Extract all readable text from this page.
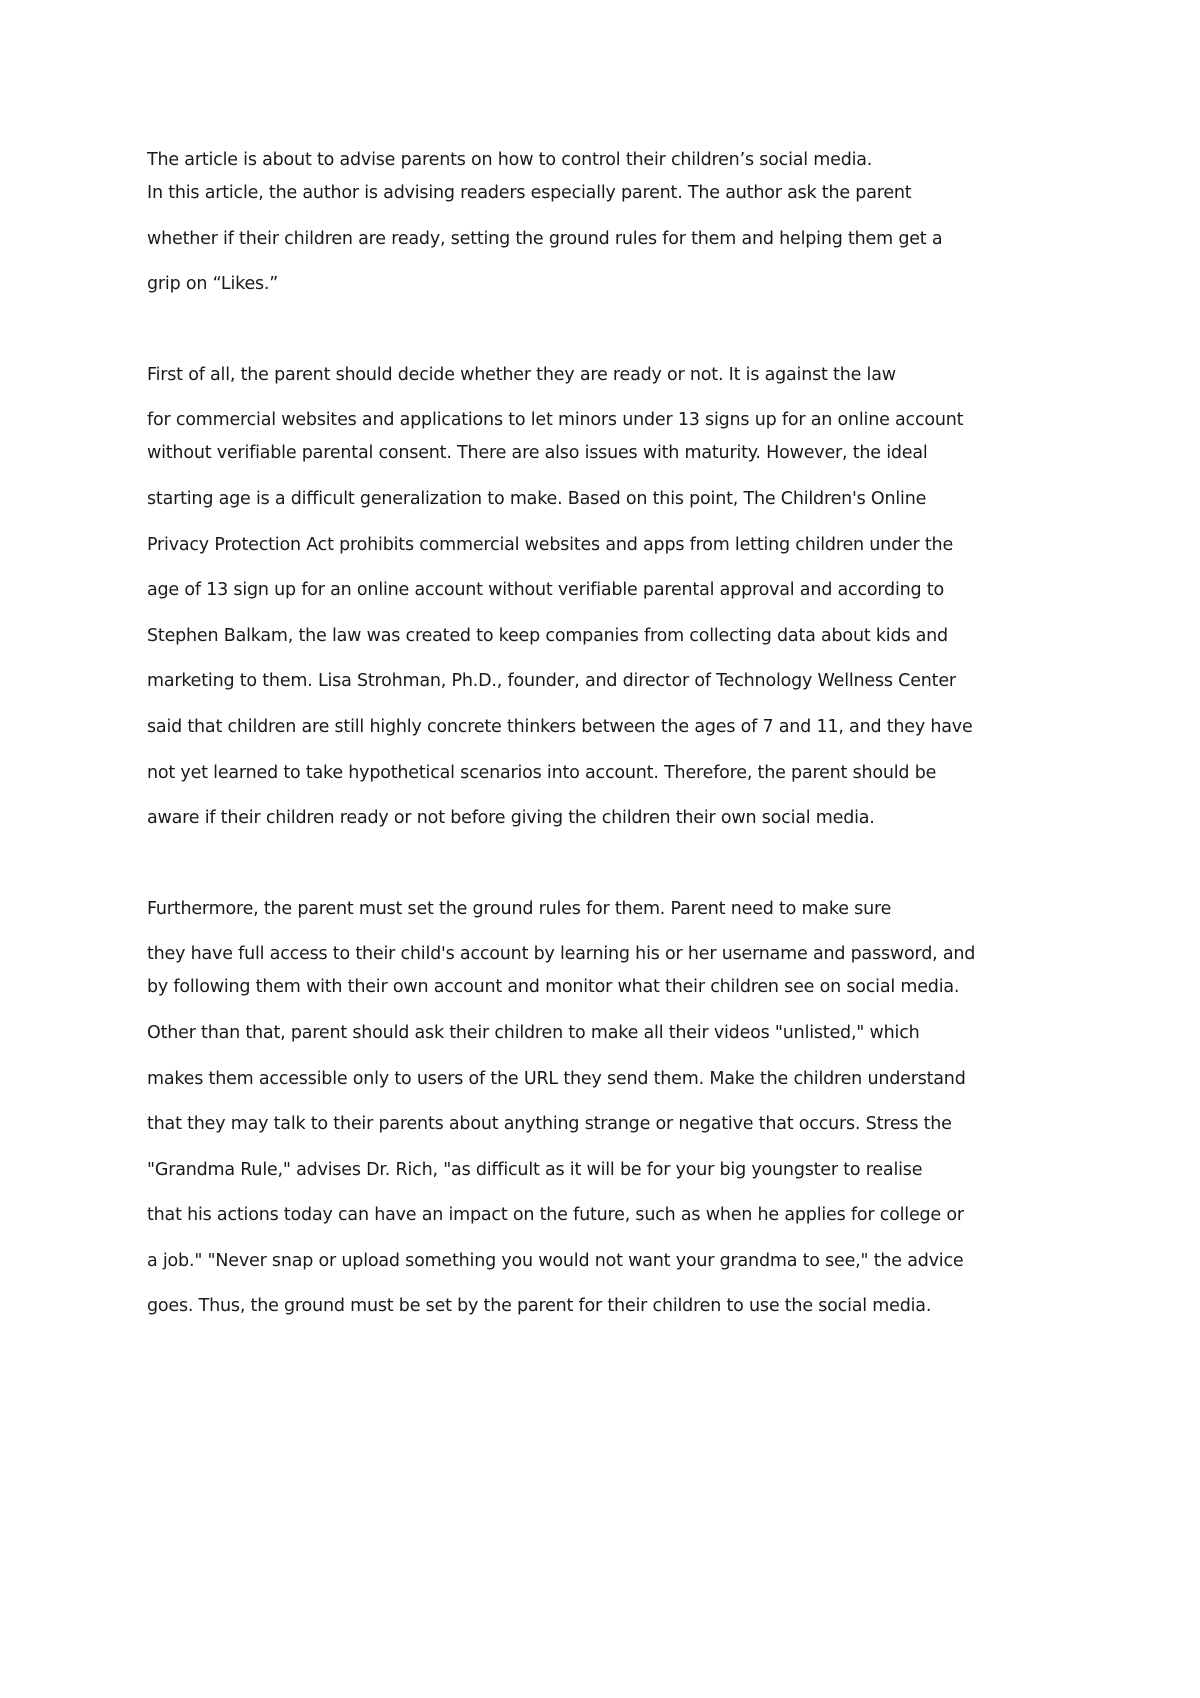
The article is about to advise parents on how to control their children’s social media.
In this article, the author is advising readers especially parent. The author ask the parent
whether if their children are ready, setting the ground rules for them and helping them get a
grip on “Likes.”
First of all, the parent should decide whether they are ready or not. It is against the law
for commercial websites and applications to let minors under 13 signs up for an online account
without verifiable parental consent. There are also issues with maturity. However, the ideal
starting age is a difficult generalization to make. Based on this point, The Children's Online
Privacy Protection Act prohibits commercial websites and apps from letting children under the
age of 13 sign up for an online account without verifiable parental approval and according to
Stephen Balkam, the law was created to keep companies from collecting data about kids and
marketing to them. Lisa Strohman, Ph.D., founder, and director of Technology Wellness Center
said that children are still highly concrete thinkers between the ages of 7 and 11, and they have
not yet learned to take hypothetical scenarios into account. Therefore, the parent should be
aware if their children ready or not before giving the children their own social media.
Furthermore, the parent must set the ground rules for them. Parent need to make sure
they have full access to their child's account by learning his or her username and password, and
by following them with their own account and monitor what their children see on social media.
Other than that, parent should ask their children to make all their videos "unlisted," which
makes them accessible only to users of the URL they send them. Make the children understand
that they may talk to their parents about anything strange or negative that occurs. Stress the
"Grandma Rule," advises Dr. Rich, "as difficult as it will be for your big youngster to realise
that his actions today can have an impact on the future, such as when he applies for college or
a job." "Never snap or upload something you would not want your grandma to see," the advice
goes. Thus, the ground must be set by the parent for their children to use the social media.
